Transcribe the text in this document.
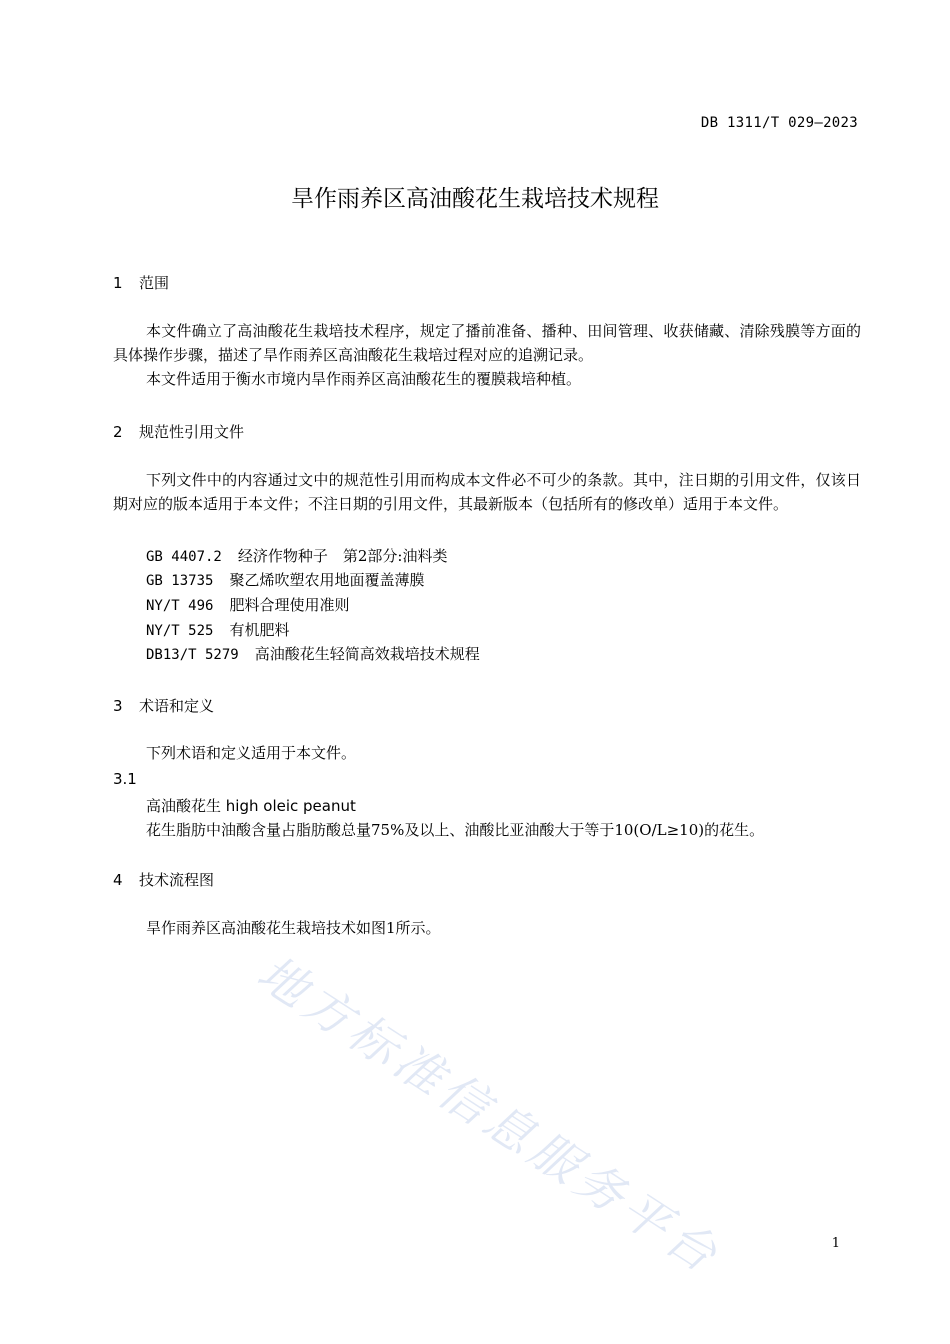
DB 1311/T 029—2023
旱作雨养区高油酸花生栽培技术规程
1 范围

本文件确立了高油酸花生栽培技术程序，规定了播前准备、播种、田间管理、收获储藏、清除残膜等方面的具体操作步骤，描述了旱作雨养区高油酸花生栽培过程对应的追溯记录。

本文件适用于衡水市境内旱作雨养区高油酸花生的覆膜栽培种植。

2 规范性引用文件

下列文件中的内容通过文中的规范性引用而构成本文件必不可少的条款。其中，注日期的引用文件，仅该日期对应的版本适用于本文件；不注日期的引用文件，其最新版本（包括所有的修改单）适用于本文件。

GB 4407.2 经济作物种子　第2部分:油料类
GB 13735 聚乙烯吹塑农用地面覆盖薄膜
NY/T 496 肥料合理使用准则
NY/T 525 有机肥料
DB13/T 5279 高油酸花生轻简高效栽培技术规程
3 术语和定义

下列术语和定义适用于本文件。

3.1
高油酸花生 high oleic peanut
花生脂肪中油酸含量占脂肪酸总量75%及以上、油酸比亚油酸大于等于10(O/L≥10)的花生。
4 技术流程图

旱作雨养区高油酸花生栽培技术如图1所示。

地方标准信息服务平台	1
